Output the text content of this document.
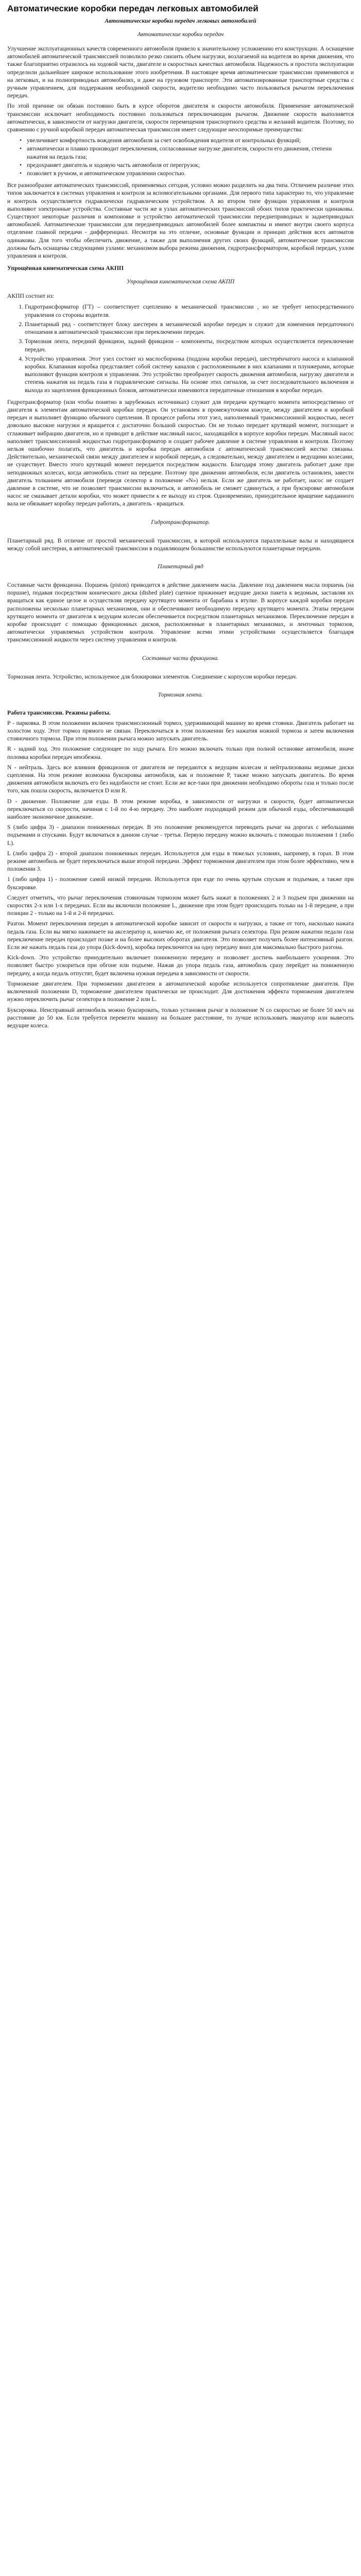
Автоматические коробки передач легковых автомобилей
Автоматические коробки передач легковых автомобилей
Автоматические коробки передач

Улучшение эксплуатационных качеств современного автомобиля привело к значительному усложнению его конструкции. А оснащение автомобилей автоматической трансмиссией позволило резко снизить объем нагрузки, возлагаемой на водителя во время движения, что также благоприятно отразилось на ходовой части, двигателе и скоростных качествах автомобиля. Надежность и простота эксплуатации определили дальнейшее широкое использование этого изобретения. В настоящее время автоматические трансмиссии применяются и на легковых, и на полноприводных автомобилях, и даже на грузовом транспорте. Эти автоматизированные транспортные средства с ручным управлением, для поддержания необходимой скорости, водителю необходимо часто пользоваться рычагом переключения передач.

По этой причине он обязан постоянно быть в курсе оборотов двигателя и скорости автомобиля. Применение автоматической трансмиссии исключает необходимость постоянно пользоваться переключающим рычагом. Движение скорости выполняется автоматически, в зависимости от нагрузки двигателя, скорости перемещения транспортного средства и желаний водителя. Поэтому, по сравнению с ручной коробкой передач автоматическая трансмиссия имеет следующие неоспоримые преимущества:

• увеличивает комфортность вождения автомобиля за счет освобождения водителя от контрольных функций;
• автоматически и плавно производит переключения, согласованные нагрузке двигателя, скорости его движения, степени нажатия на педаль газа;
• предохраняет двигатель и ходовую часть автомобиля от перегрузок;
• позволяет в ручном, и автоматическом управлении скоростью.

Все разнообразие автоматических трансмиссий, применяемых сегодня, условно можно разделить на два типа. Отличием различие этих типов заключается в системах управления и контроля за вспомогательными органами. Для первого типа характерно то, что управление и контроль осуществляется гидравлически гидравлическим устройством. А во втором типе функции управления и контроля выполняют электронные устройства. Составные части же в узлах автоматических трансмиссий обоих типов практически одинаковы. Существуют некоторые различия и компоновке и устройство автоматической трансмиссии переднеприводных и заднеприводных автомобилей. Автоматические трансмиссии для переднеприводных автомобилей более компактны и имеют внутри своего корпуса отделение главной передачи - дифференциал. Несмотря на это отличие, основные функции и принцип действия всех автоматов одинаковы. Для того чтобы обеспечить движение, а также для выполнения других своих функций, автоматические трансмиссии должны быть оснащены следующими узлами: механизмом выбора режима движения, гидротрансформатором, коробкой передач, узлом управления и контроля.

Упрощённая кинематическая схема АКПП
Упрощённая кинематическая схема АКПП

АКПП состоит из:

1. Гидротрансформатор (ГТ) – соответствует сцеплению в механической трансмиссии , но не требует непосредственного управления со стороны водителя.
2. Планетарный ряд - соответствует блоку шестерен в механической коробке передач и служит для изменения передаточного отношения в автоматической трансмиссии при переключении передач.
3. Тормозная лента, передний фрикцион, задний фрикцион – компоненты, посредством которых осуществляется переключение передач.
4. Устройство управления. Этот узел состоит из маслосборника (поддона коробки передач), шестерёнчатого насоса и клапанной коробки. Клапанная коробка представляет собой систему каналов с расположенными в них клапанами и плунжерами, которые выполняют функции контроля и управления. Это устройство преобразует скорость движения автомобиля, нагрузку двигателя и степень нажатия на педаль газа в гидравлические сигналы. На основе этих сигналов, за счет последовательного включения и выхода из зацепления фрикционных блоков, автоматически изменяются передаточные отношения в коробке передач.

Гидротрансформатор (или чтобы понятно в зарубежных источниках) служит для передачи крутящего момента непосредственно от двигателя к элементам автоматической коробки передач. Он установлен в промежуточном кожухе, между двигателем и коробкой передач и выполняет функцию обычного сцепления. В процессе работы этот узел, наполненный трансмиссионной жидкостью, несет довольно высокие нагрузки и вращается с достаточно большой скоростью. Он не только передает крутящий момент, поглощает и сглаживает вибрацию двигателя, но и приводит в действие масляный насос, находящийся в корпусе коробки передач. Масляный насос наполняет трансмиссионной жидкостью гидротрансформатор и создает рабочее давление в системе управления и контроля. Поэтому нельзя ошибочно полагать, что двигатель и коробка передач автомобиля с автоматической трансмиссией жестко связаны. Действительно, механической связи между двигателем и коробкой передач, а следовательно, между двигателем и ведущими колесами, не существует. Вместо этого крутящий момент передается посредством жидкости. Благодаря этому двигатель работает даже при неподвижных колесах, когда автомобиль стоит на передаче. Поэтому при движении автомобиля, если двигатель остановлен, завести двигатель толканием автомобиля (переведя селектор в положение «N») нельзя. Если же двигатель не работает, насос не создает давление в системе, что не позволяет трансмиссии включиться, и автомобиль не сможет сдвинуться, а при буксировке автомобиля насос не смазывает детали коробки, что может привести к ее выходу из строя. Одновременно, принудительное вращение карданного вала не обязывает коробку передач работать, а двигатель - вращаться.

Гидротрансформатор.

Планетарный ряд. В отличие от простой механической трансмиссии, в которой используются параллельные валы и находящиеся между собой шестерни, в автоматической трансмиссии в подавляющем большинстве используются планетарные передачи.

Планетарный ряд

Составные части фрикциона. Поршень (piston) приводится в действие давлением масла. Давление под давлением масла поршень (на поршне), подавая посредством конического диска (dished plate) сцепное прижимает ведущие диски пакета к ведомым, заставляя их вращаться как единое целое и осуществляя передачу крутящего момента от барабана к втулке. В корпусе каждой коробки передач расположены несколько планетарных механизмов, они и обеспечивают необходимую передачу крутящего момента. Этапы передачи крутящего момента от двигателя к ведущим колесам обеспечивается посредством планетарных механизмов. Переключение передач в коробке происходит с помощью фрикционных дисков, расположенные в планетарных механизмах, и ленточных тормозов, автоматически управляемых устройством контроля. Управление всеми этими устройствами осуществляется благодаря трансмиссионной жидкости через систему управления и контроля.

Составные части фрикциона.

Тормозная лента. Устройство, используемое для блокировки элементов. Соединение с корпусом коробки передач.

Тормозная лента.
Работа трансмиссии. Режимы работы.

Р - парковка. В этом положении включен трансмиссионный тормоз, удерживающий машину во время стоянки. Двигатель работает на холостом ходу. Этот тормоз прямого не связан. Переключаться в этом положении без нажатия ножной тормоза и затем включения стояночного тормоза. При этом положении рычага можно запускать двигатель.

R - задний ход. Это положение следующее по ходу рычага. Его можно включать только при полной остановке автомобиля, иначе поломка коробки передач неизбежна.

N - нейтраль. Здесь все влияния фрикционов от двигателя не передаются к ведущим колесам и нейтрализованы ведомые диски сцепления. На этом режиме возможна буксировка автомобиля, как и положение Р, также можно запускать двигатель. Во время движения автомобиля включать его без надобности не стоит. Если же все-таки при движении необходимо обороты газа и только после того, как пошла скорость, включается D или R.

D - движение. Положение для езды. В этом режиме коробка, в зависимости от нагрузки и скорости, будет автоматически переключаться со скорости, начиная с 1-й по 4-ю передачу. Это наиболее подходящий режим для обычной езды, обеспечивающий наиболее экономичное движение.

S (либо цифра 3) - диапазон пониженных передач. В это положение рекомендуется переводить рычаг на дорогах с небольшими подъемами и спусками. Будут включаться в данном случае - третья. Первую передачу можно включать с помощью положения 1 (либо L).

L (либо цифра 2) - второй диапазон пониженных передач. Используется для езды в тяжелых условиях, например, в горах. В этом режиме автомобиль не будет переключаться выше второй передачи. Эффект торможения двигателем при этом более эффективно, чем в положении 3.

1 (либо цифра 1) - положение самой низкой передачи. Используется при езде по очень крутым спускам и подъемам, а также при буксировке.

Следует отметить, что рычаг переключения стояночным тормозом может быть нажат в положениях 2 и 3 подъем при движении на скоростях 2-х или 1-х передачах. Если вы включили положение L, движение при этом будет происходить только на 1-й передаче, а при позиции 2 - только на 1-й и 2-й передачах.

Разгон. Момент переключения передач в автоматической коробке зависит от скорости и нагрузки, а также от того, насколько нажата педаль газа. Если вы мягко нажимаете на акселератор и, конечно же, от положения рычага селектора. При резком нажатии педали газа переключение передач происходит позже и на более высоких оборотах двигателя. Это позволяет получить более интенсивный разгон. Если же нажать педаль газа до упора (kick-down), коробка переключится на одну передачу вниз для максимально быстрого разгона.

Kick-down. Это устройство принудительно включает пониженную передачу и позволяет достичь наибольшего ускорения. Это позволяет быстро ускориться при обгоне или подъеме. Нажав до упора педаль газа, автомобиль сразу перейдет на пониженную передачу, а когда педаль отпустят, будет включена нужная передача в зависимости от скорости.

Торможение двигателем. При торможении двигателем в автоматической коробке используется сопротивление двигателя. При включенной положении D, торможение двигателем практически не происходит. Для достижения эффекта торможения двигателем нужно переключить рычаг селектора в положение 2 или L.

Буксировка. Неисправный автомобиль можно буксировать, только установив рычаг в положение N со скоростью не более 50 км/ч на расстояние до 50 км. Если требуется перевезти машину на большее расстояние, то лучше использовать эвакуатор или вывесить ведущие колеса.
